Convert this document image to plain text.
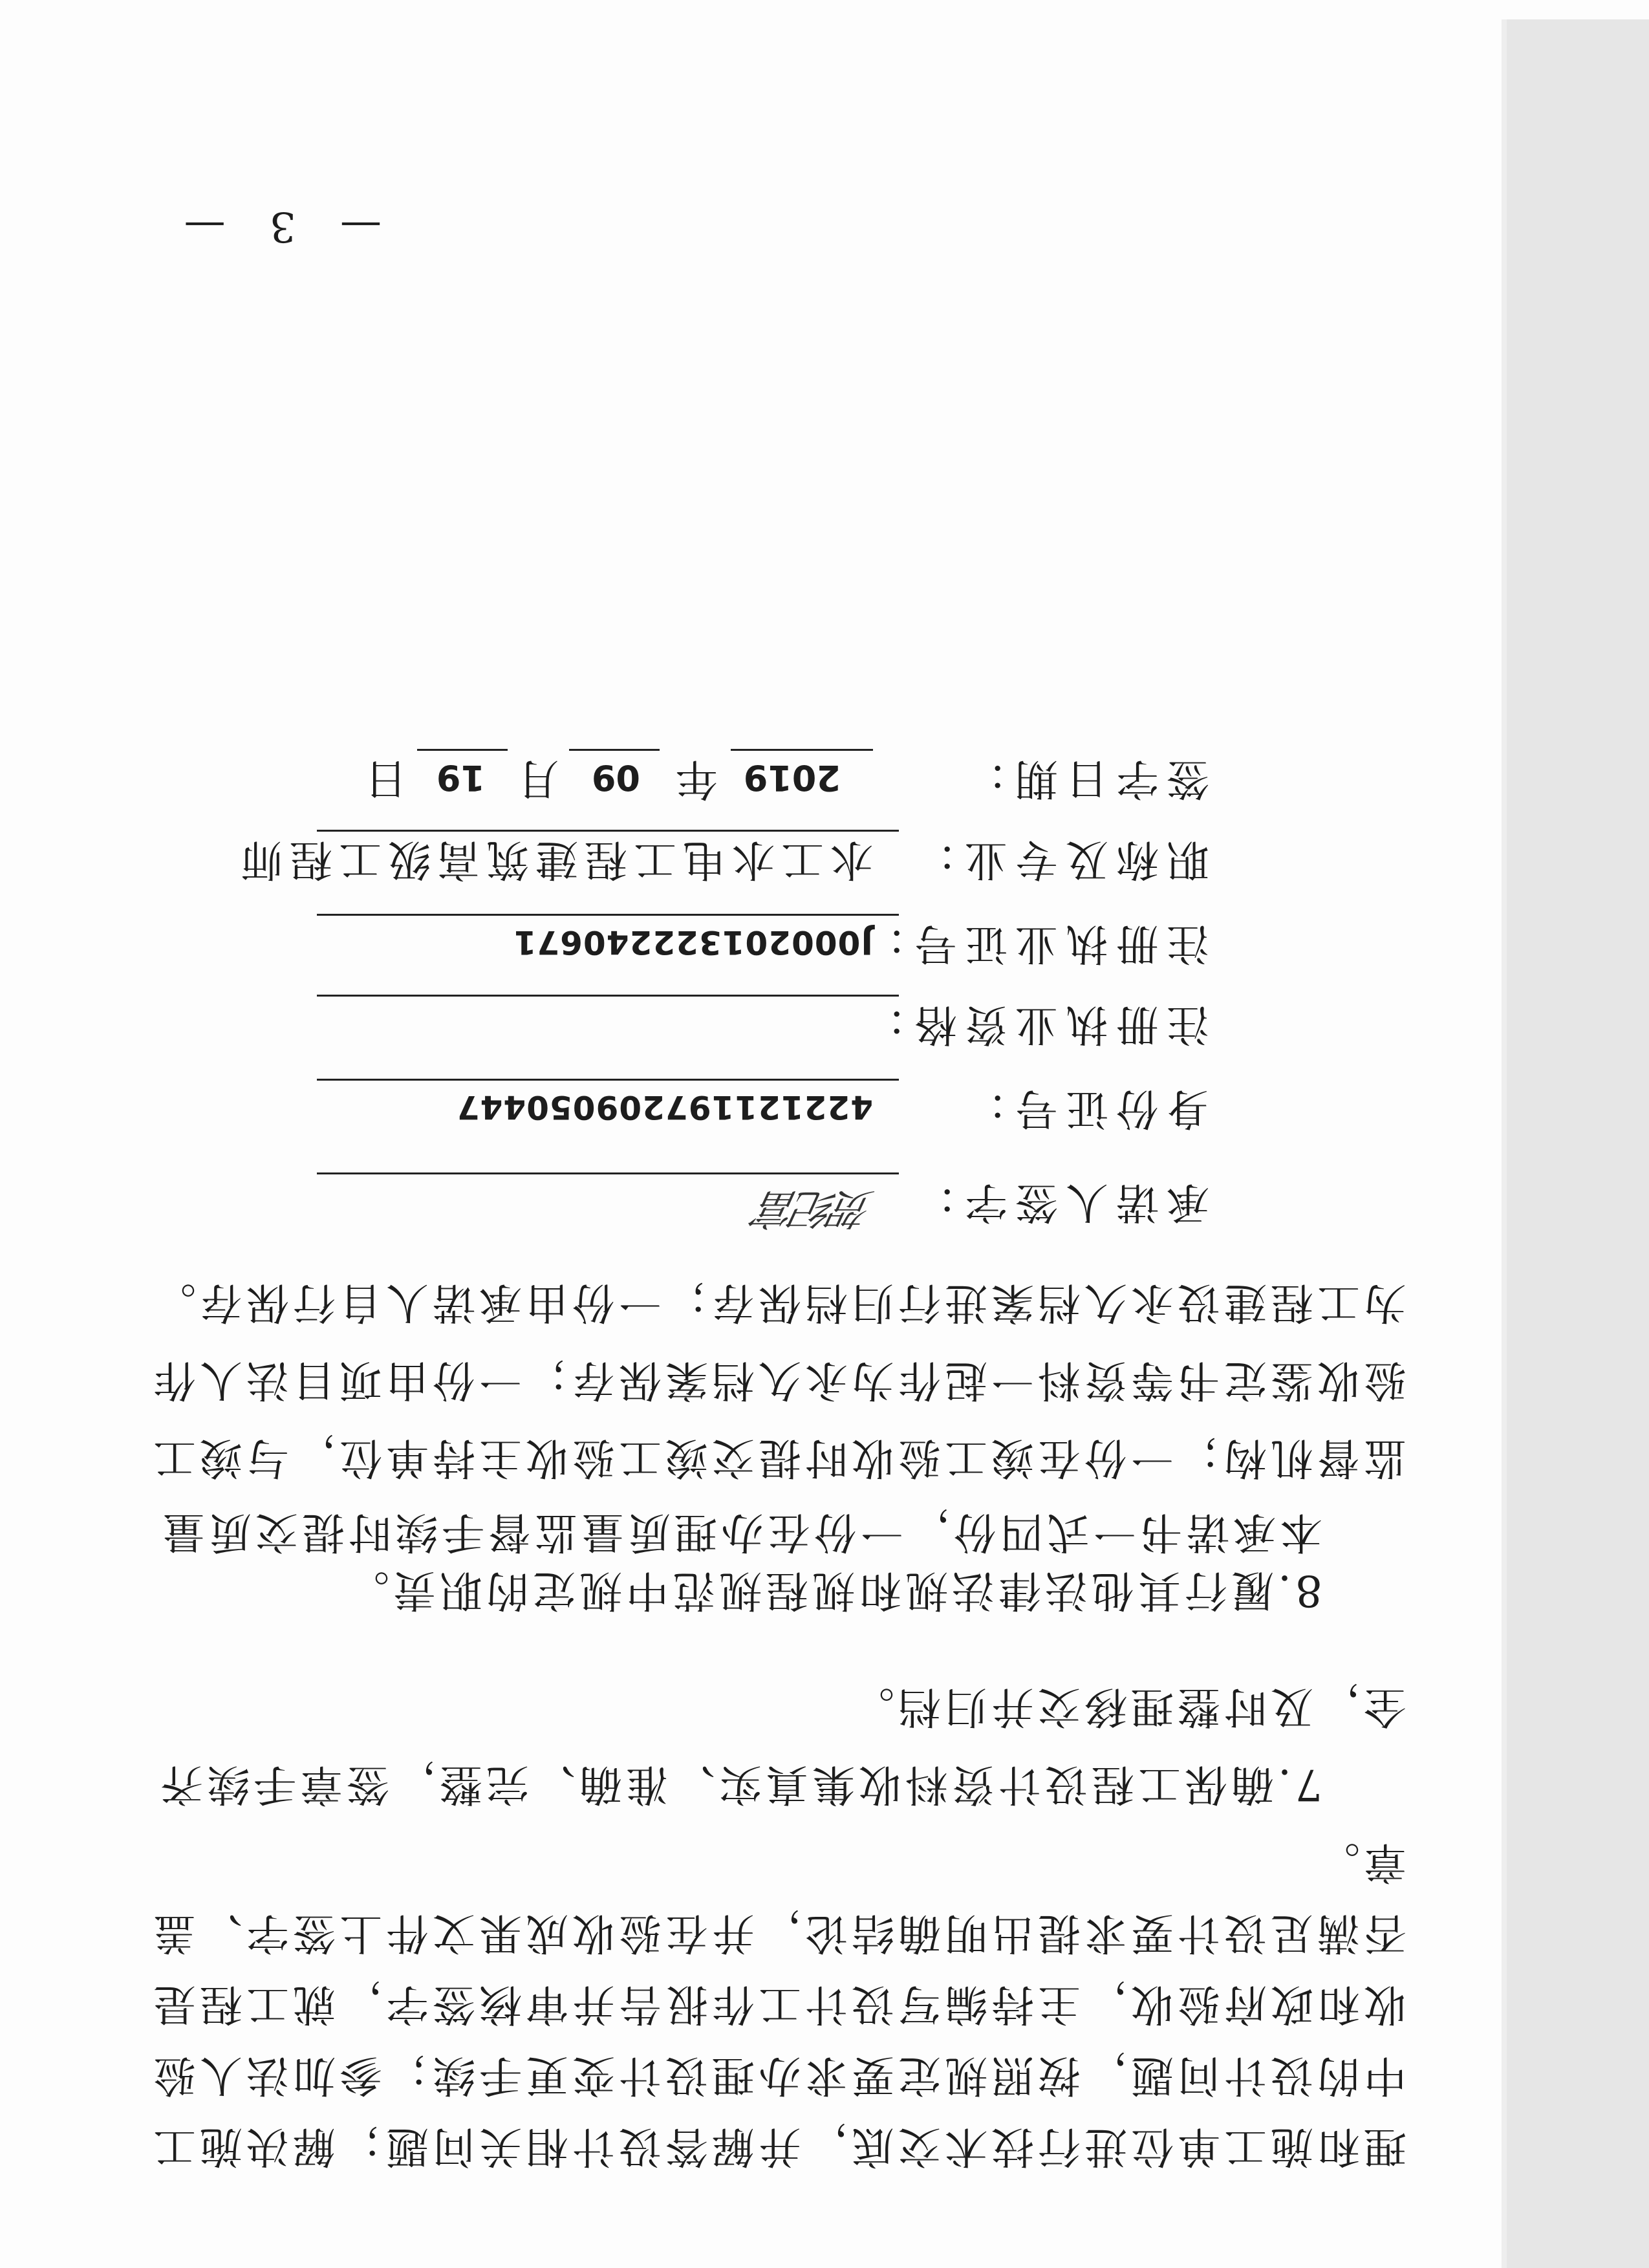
理和施工单位进行技术交底，并解答设计相关问题；解决施工
中的设计问题，按照规定要求办理设计变更手续；参加法人验
收和政府验收，主持编写设计工作报告并审核签字，就工程是
否满足设计要求提出明确结论，并在验收成果文件上签字、盖
章。
7.确保工程设计资料收集真实、准确、完整，签章手续齐
全，及时整理移交并归档。
8.履行其他法律法规和规程规范中规定的职责。
本承诺书一式四份，一份在办理质量监督手续时提交质量
监督机构；一份在竣工验收时提交竣工验收主持单位，与竣工
验收鉴定书等资料一起作为永久档案保存；一份由项目法人作
为工程建设永久档案进行归档保存；一份由承诺人自行保存。
承诺人签字：
贺纪富
身份证号：
422121197209050447
注册执业资格：
注册执业证号：
J000201322240671
职称及专业：
水工水电工程建筑高级工程师
签字日期：
2019
年
09
月
19
日
— 3 —
